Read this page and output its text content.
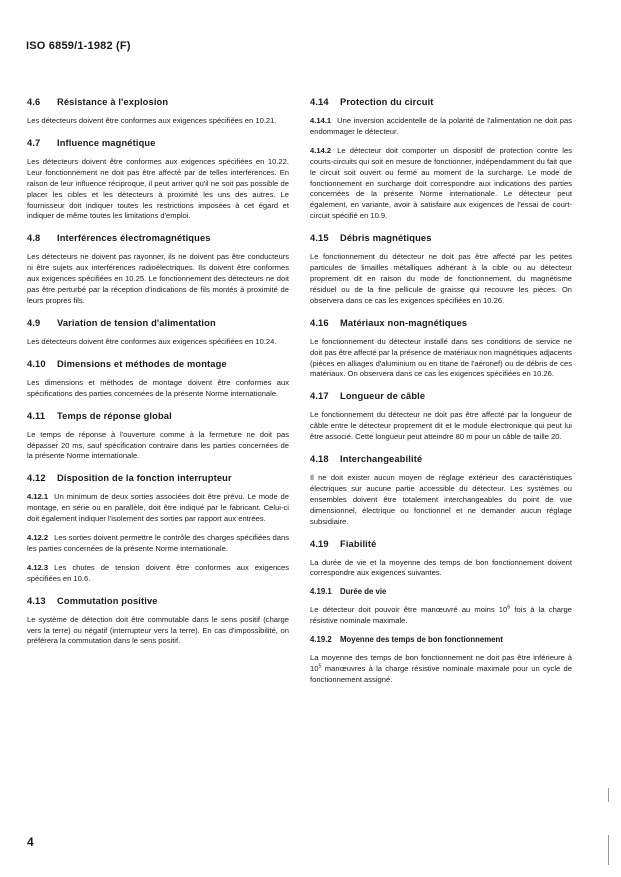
ISO 6859/1-1982 (F)
4.6 Résistance à l'explosion

Les détecteurs doivent être conformes aux exigences spécifiées en 10.21.

4.7 Influence magnétique

Les détecteurs doivent être conformes aux exigences spécifiées en 10.22. Leur fonctionnement ne doit pas être affecté par de telles interférences. En raison de leur influence réciproque, il peut arriver qu'il ne soit pas possible de placer les cibles et les détecteurs à proximité les uns des autres. Le fournisseur doit indiquer toutes les restrictions imposées à cet égard et indiquer de même toutes les limitations d'emploi.

4.8 Interférences électromagnétiques

Les détecteurs ne doivent pas rayonner, ils ne doivent pas être conducteurs ni être sujets aux interférences radioélectriques. Ils doivent être conformes aux exigences spécifiées en 10.25. Le fonctionnement des détecteurs ne doit pas être perturbé par la réception d'indications de fils montés à proximité de leurs propres fils.

4.9 Variation de tension d'alimentation

Les détecteurs doivent être conformes aux exigences spécifiées en 10.24.

4.10 Dimensions et méthodes de montage

Les dimensions et méthodes de montage doivent être conformes aux spécifications des parties concernées de la présente Norme internationale.

4.11 Temps de réponse global

Le temps de réponse à l'ouverture comme à la fermeture ne doit pas dépasser 20 ms, sauf spécification contraire dans les parties concernées de la présente Norme internationale.

4.12 Disposition de la fonction interrupteur

4.12.1 Un minimum de deux sorties associées doit être prévu. Le mode de montage, en série ou en parallèle, doit être indiqué par le fabricant. Celui-ci doit également indiquer l'isolement des sorties par rapport aux entrées.

4.12.2 Les sorties doivent permettre le contrôle des charges spécifiées dans les parties concernées de la présente Norme internationale.

4.12.3 Les chutes de tension doivent être conformes aux exigences spécifiées en 10.6.

4.13 Commutation positive

Le système de détection doit être commutable dans le sens positif (charge vers la terre) ou négatif (interrupteur vers la terre). En cas d'impossibilité, on préférera la commutation dans le sens positif.

4.14 Protection du circuit

4.14.1 Une inversion accidentelle de la polarité de l'alimentation ne doit pas endommager le détecteur.

4.14.2 Le détecteur doit comporter un dispositif de protection contre les courts-circuits qui soit en mesure de fonctionner, indépendamment du fait que le circuit soit ouvert ou fermé au moment de la surcharge. Le mode de fonctionnement en surcharge doit correspondre aux indications des parties concernées de la présente Norme internationale. Le détecteur peut également, en variante, avoir à satisfaire aux exigences de l'essai de court-circuit spécifié en 10.9.

4.15 Débris magnétiques

Le fonctionnement du détecteur ne doit pas être affecté par les petites particules de limailles métalliques adhérant à la cible ou au détecteur proprement dit en raison du mode de fonctionnement, du magnétisme résiduel ou de la fine pellicule de graisse qui recouvre les pièces. On observera dans ce cas les exigences spécifiées en 10.26.

4.16 Matériaux non-magnétiques

Le fonctionnement du détecteur installé dans ses conditions de service ne doit pas être affecté par la présence de matériaux non magnétiques adjacents (pièces en alliages d'aluminium ou en titane de l'aéronef) ou de débris de ces matériaux. On observera dans ce cas les exigences spécifiées en 10.26.

4.17 Longueur de câble

Le fonctionnement du détecteur ne doit pas être affecté par la longueur de câble entre le détecteur proprement dit et le module électronique qui peut lui être associé. Cette longueur peut atteindre 80 m pour un câble de taille 20.

4.18 Interchangeabilité

Il ne doit exister aucun moyen de réglage extérieur des caractéristiques électriques sur aucune partie accessible du détecteur. Les systèmes ou ensembles doivent être totalement interchangeables du point de vue dimensionnel, électrique ou fonctionnel et ne demander aucun réglage subsidiaire.

4.19 Fiabilité

La durée de vie et la moyenne des temps de bon fonctionnement doivent correspondre aux exigences suivantes.

4.19.1 Durée de vie

Le détecteur doit pouvoir être manœuvré au moins $10^6$ fois à la charge résistive nominale maximale.

4.19.2 Moyenne des temps de bon fonctionnement

La moyenne des temps de bon fonctionnement ne doit pas être inférieure à $10^5$ manœuvres à la charge résistive nominale maximale pour un cycle de fonctionnement assigné.

4
